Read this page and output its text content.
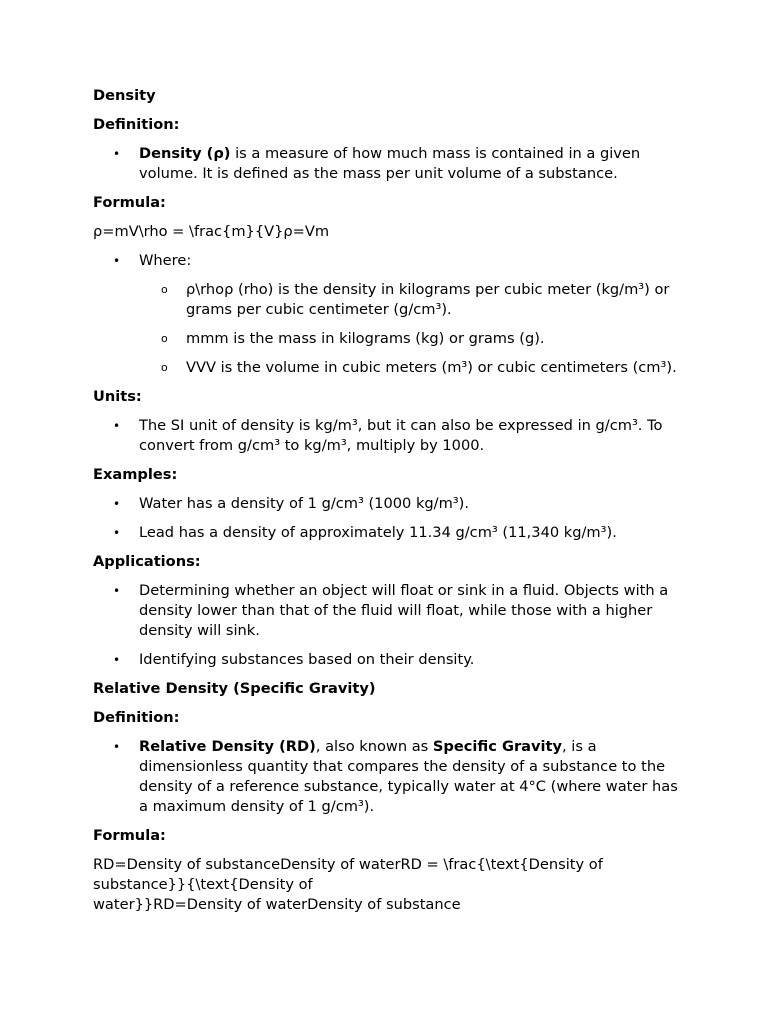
Density

Definition:

• Density (ρ) is a measure of how much mass is contained in a given volume. It is defined as the mass per unit volume of a substance.

Formula:

ρ=mV\rho = \frac{m}{V}ρ=Vm

• Where:
o ρ\rhoρ (rho) is the density in kilograms per cubic meter (kg/m³) or grams per cubic centimeter (g/cm³).
o mmm is the mass in kilograms (kg) or grams (g).
o VVV is the volume in cubic meters (m³) or cubic centimeters (cm³).

Units:

• The SI unit of density is kg/m³, but it can also be expressed in g/cm³. To convert from g/cm³ to kg/m³, multiply by 1000.

Examples:

• Water has a density of 1 g/cm³ (1000 kg/m³).
• Lead has a density of approximately 11.34 g/cm³ (11,340 kg/m³).

Applications:

• Determining whether an object will float or sink in a fluid. Objects with a density lower than that of the fluid will float, while those with a higher density will sink.
• Identifying substances based on their density.

Relative Density (Specific Gravity)

Definition:

• Relative Density (RD), also known as Specific Gravity, is a dimensionless quantity that compares the density of a substance to the density of a reference substance, typically water at 4°C (where water has a maximum density of 1 g/cm³).

Formula:

RD=Density of substanceDensity of waterRD = \frac{\text{Density of substance}}{\text{Density of
water}}RD=Density of waterDensity of substance
